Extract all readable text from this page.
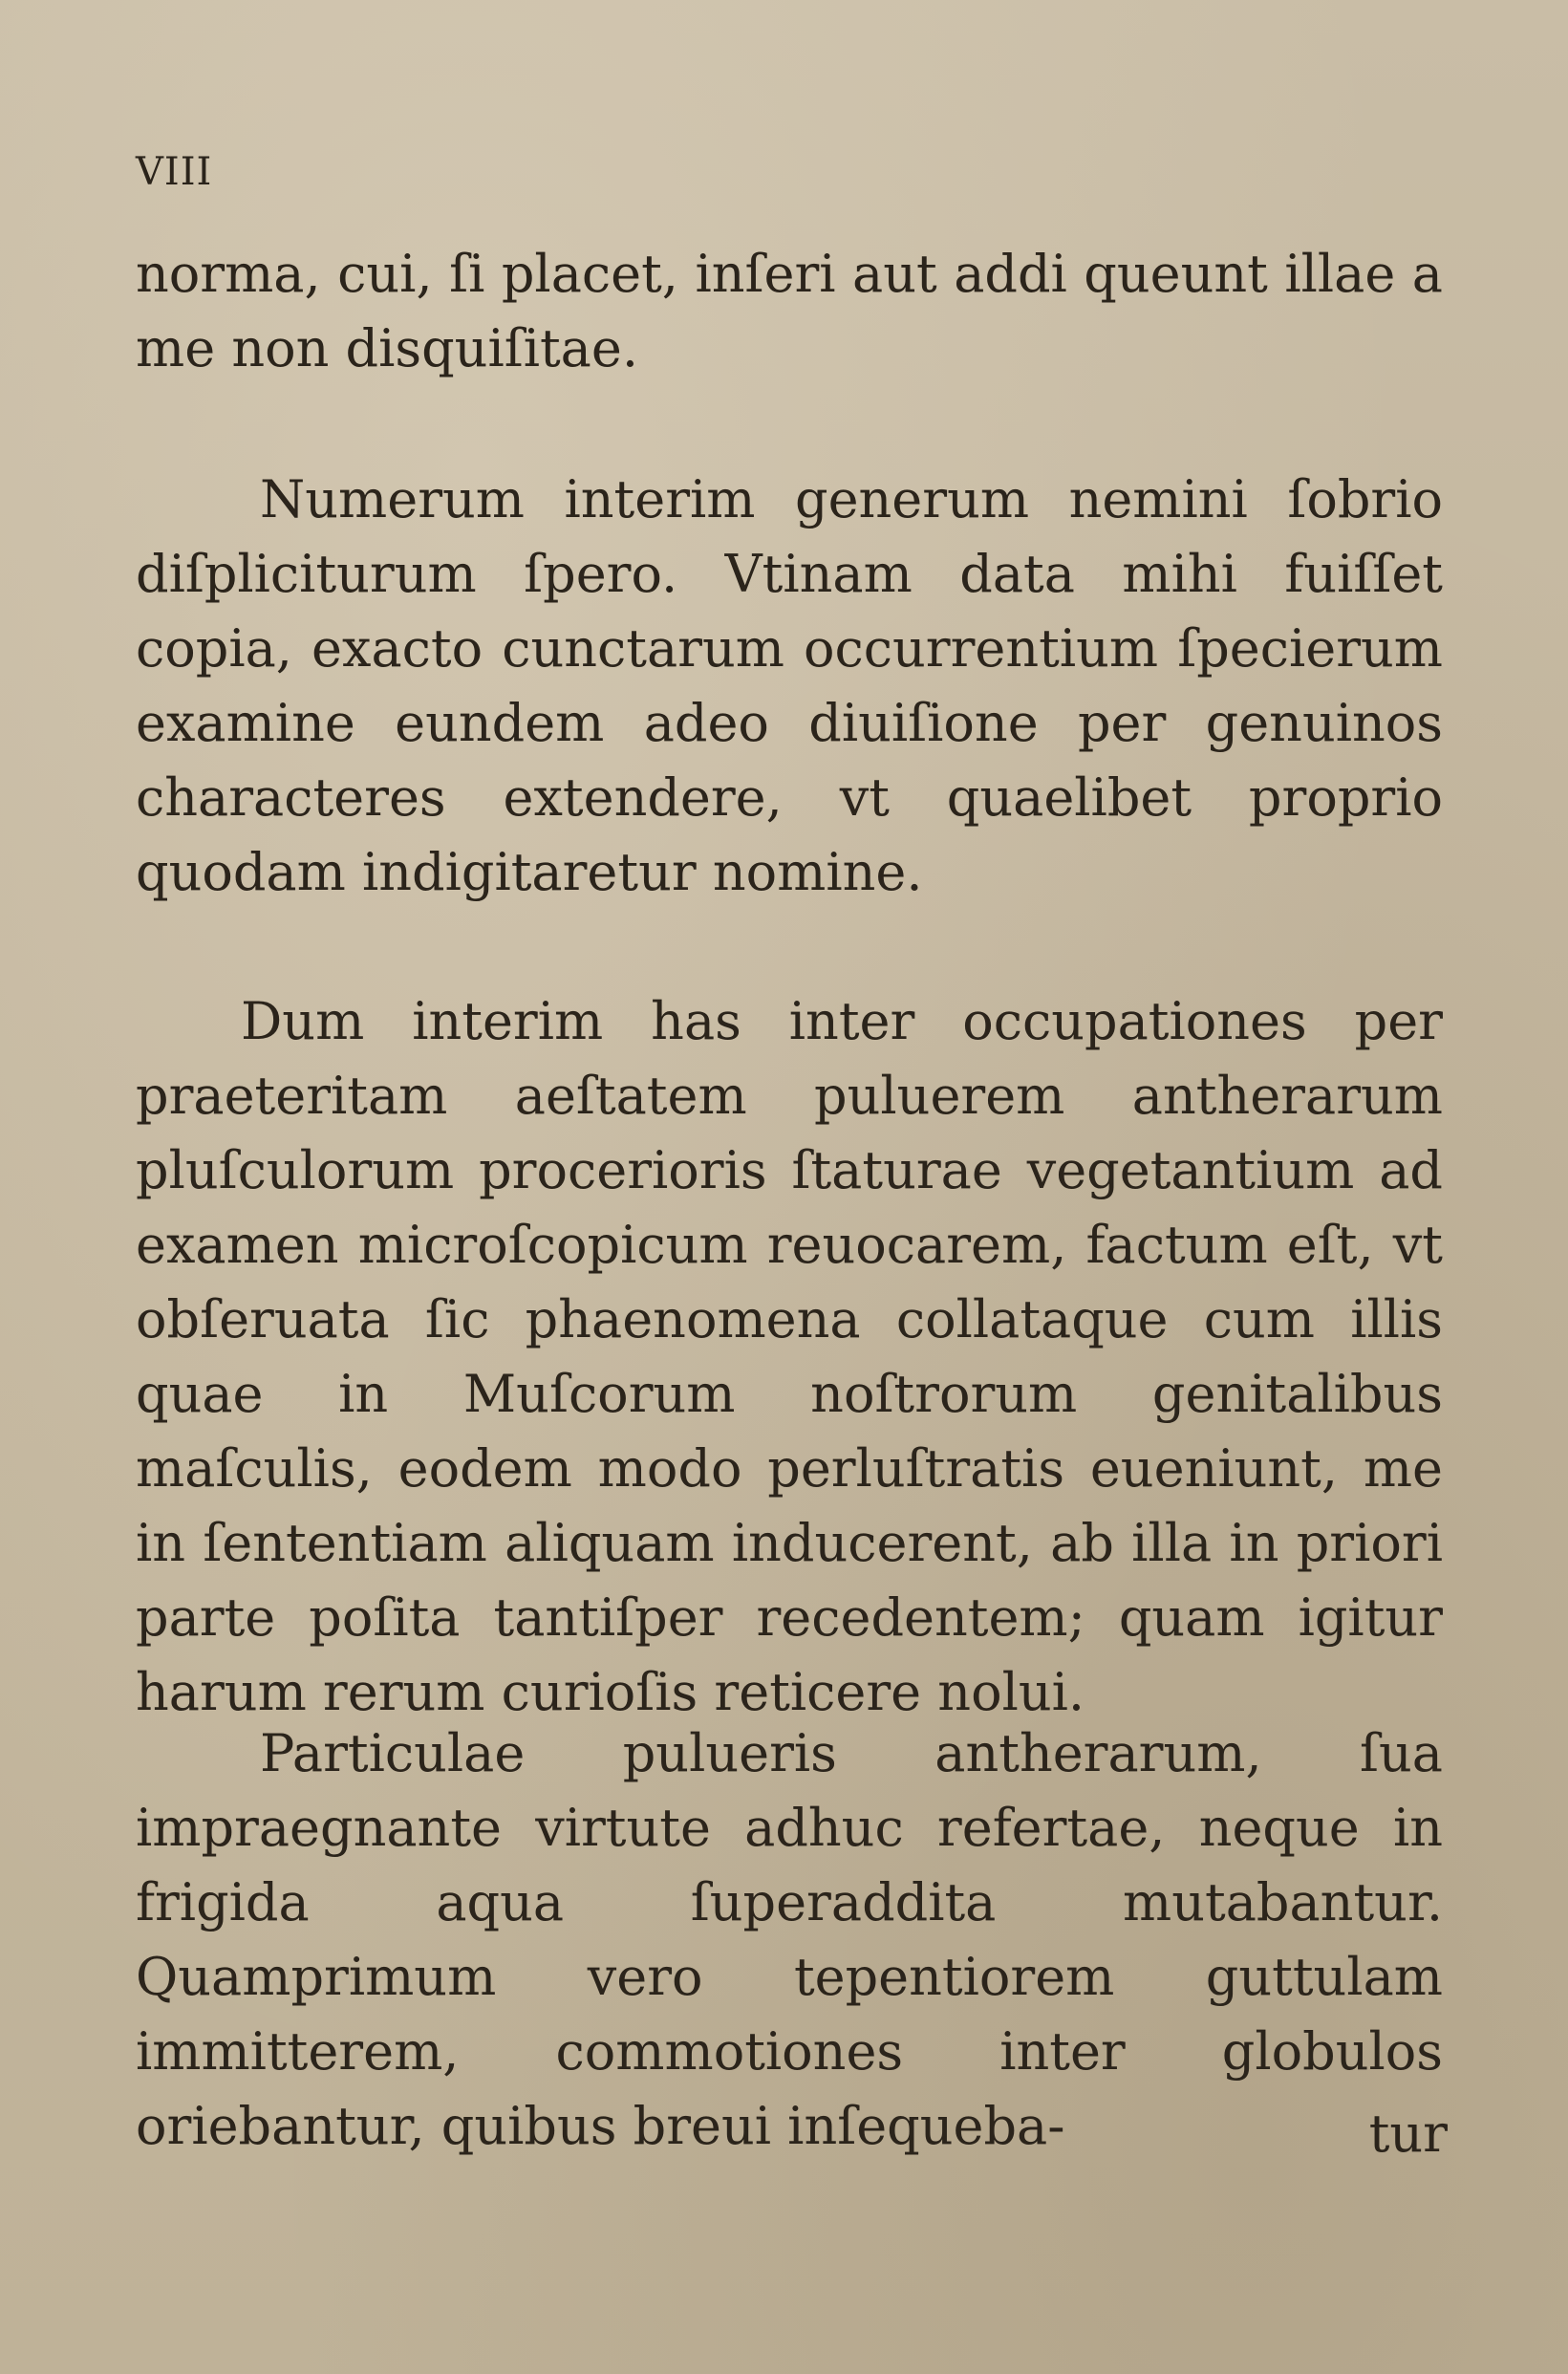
VIII

norma, cui, ſi placet, inſeri aut addi queunt illae a me non disquiſitae.

Numerum interim generum nemini ſobrio diſpliciturum ſpero. Vtinam data mihi fuiſſet copia, exacto cunctarum occurrentium ſpecierum examine eundem adeo diuiſione per genuinos characteres extendere, vt quaelibet proprio quodam indigitaretur nomine.

Dum interim has inter occupationes per praeteritam aeſtatem puluerem antherarum pluſculorum procerioris ſtaturae vegetantium ad examen microſcopicum reuocarem, factum eſt, vt obſeruata ſic phaenomena collataque cum illis quae in Muſcorum noſtrorum genitalibus maſculis, eodem modo perluſtratis eueniunt, me in ſententiam aliquam inducerent, ab illa in priori parte poſita tantiſper recedentem; quam igitur harum rerum curioſis reticere nolui.

Particulae pulueris antherarum, ſua impraegnante virtute adhuc refertae, neque in frigida aqua ſuperaddita mutabantur. Quamprimum vero tepentiorem guttulam immitterem, commotiones inter globulos oriebantur, quibus breui inſequeba-	tur
